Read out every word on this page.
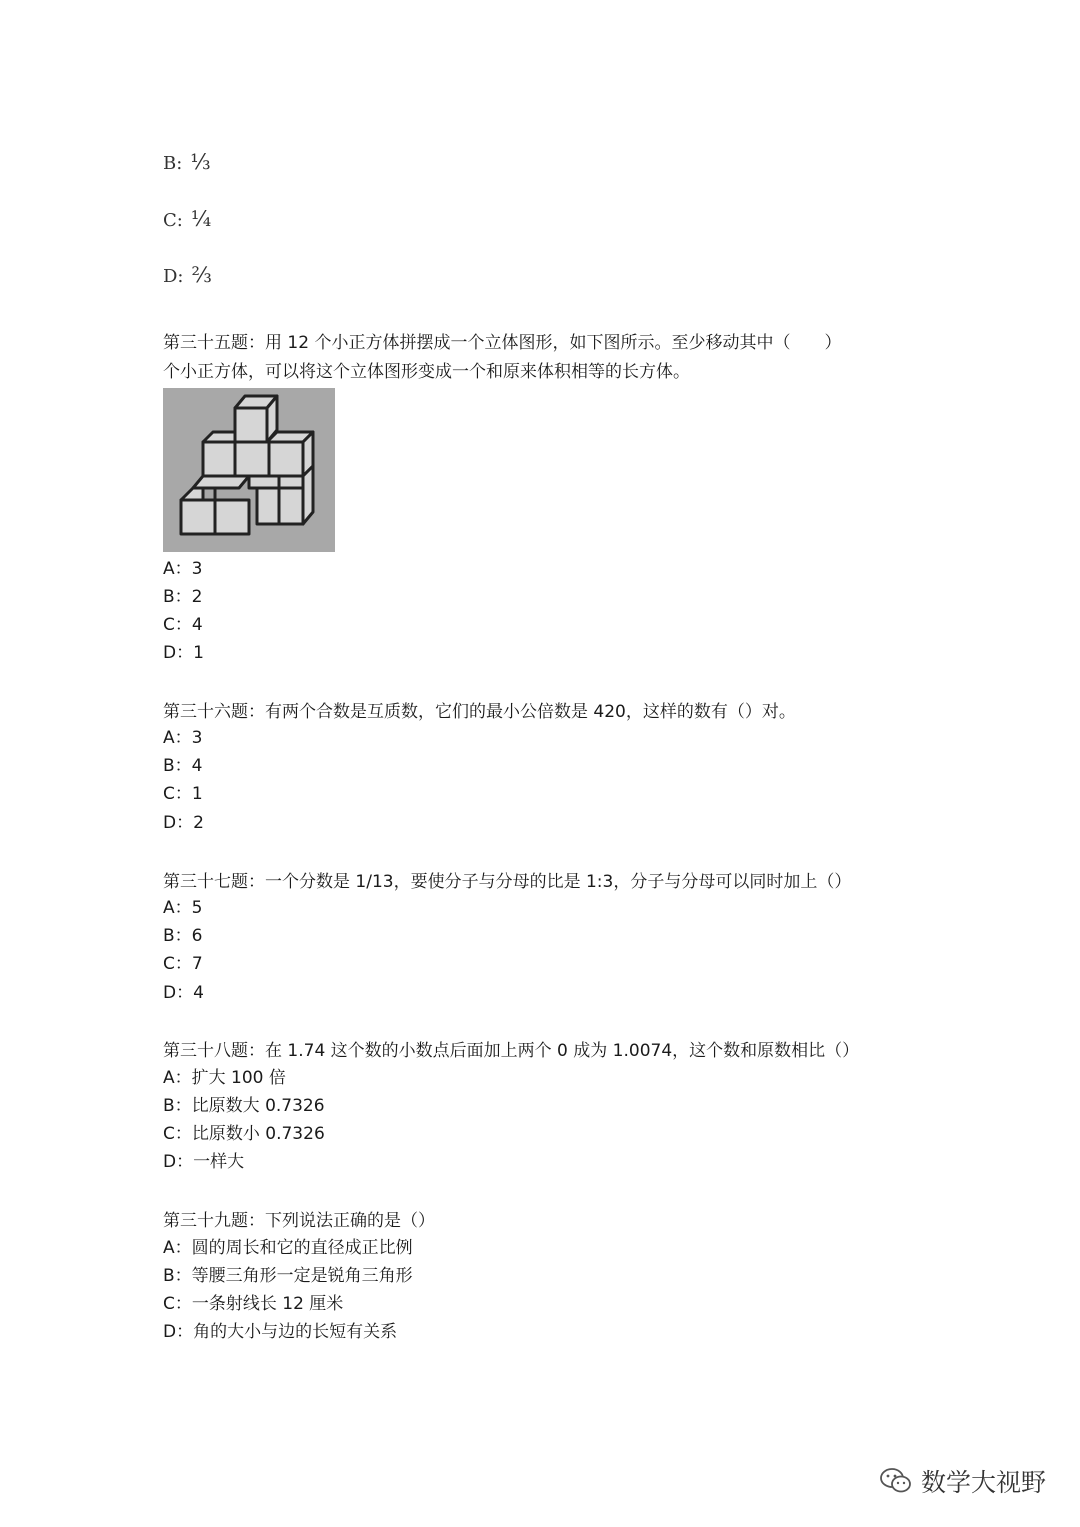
B: ⅓
C: ¼
D: ⅔
第三十五题：用 12 个小正方体拼摆成一个立体图形，如下图所示。至少移动其中（　　）
个小正方体，可以将这个立体图形变成一个和原来体积相等的长方体。
A：3
B：2
C：4
D：1
第三十六题：有两个合数是互质数，它们的最小公倍数是 420，这样的数有（）对。
A：3
B：4
C：1
D：2
第三十七题：一个分数是 1/13，要使分子与分母的比是 1:3，分子与分母可以同时加上（）
A：5
B：6
C：7
D：4
第三十八题：在 1.74 这个数的小数点后面加上两个 0 成为 1.0074，这个数和原数相比（）
A：扩大 100 倍
B：比原数大 0.7326
C：比原数小 0.7326
D：一样大
第三十九题：下列说法正确的是（）
A：圆的周长和它的直径成正比例
B：等腰三角形一定是锐角三角形
C：一条射线长 12 厘米
D：角的大小与边的长短有关系
数学大视野
